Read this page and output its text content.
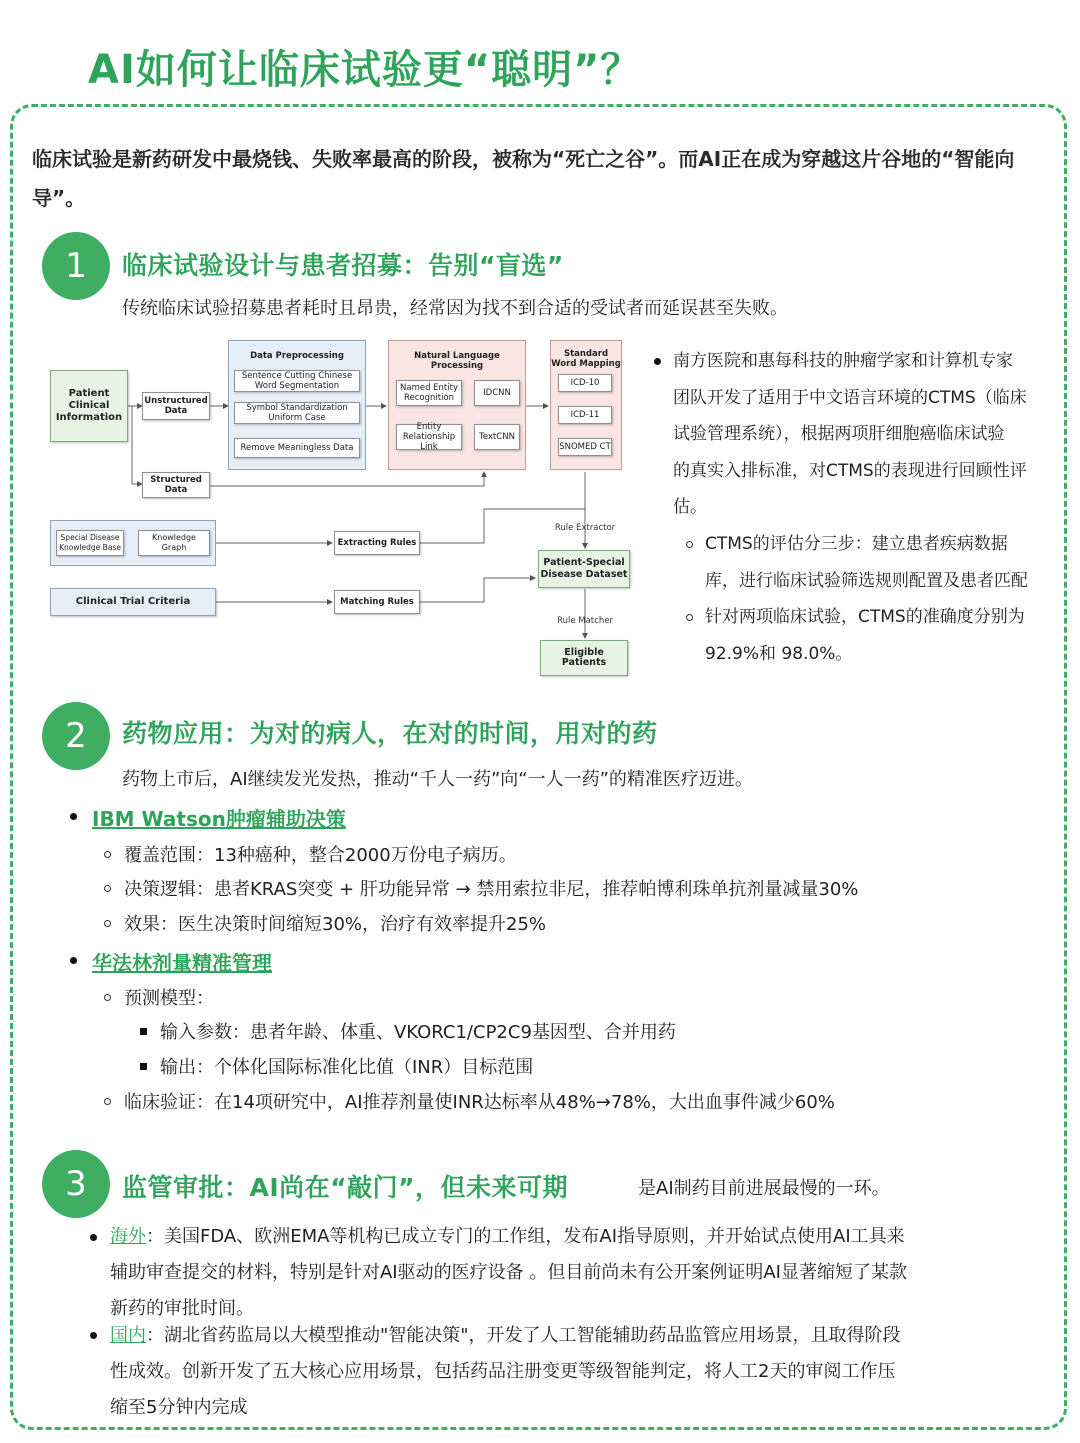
AI如何让临床试验更“聪明”？
临床试验是新药研发中最烧钱、失败率最高的阶段，被称为“死亡之谷”。而AI正在成为穿越这片谷地的“智能向导”。
1	临床试验设计与患者招募：告别“盲选”
传统临床试验招募患者耗时且昂贵，经常因为找不到合适的受试者而延误甚至失败。
Patient Clinical Information
Unstructured Data
Structured Data
Data Preprocessing
Sentence Cutting Chinese Word Segmentation
Symbol Standardization Uniform Case
Remove Meaningless Data
Natural Language Processing
Named Entity Recognition	IDCNN
Entity Relationship Link
TextCNN
Standard Word Mapping
ICD-10
ICD-11
SNOMED CT
Special Disease Knowledge Base
Knowledge Graph	Extracting Rules
Rule Extractor
Patient-Special Disease Dataset
Clinical Trial Criteria	Matching Rules
Rule Matcher
Eligible Patients
南方医院和惠每科技的肿瘤学家和计算机专家
团队开发了适用于中文语言环境的CTMS（临床
试验管理系统），根据两项肝细胞癌临床试验
的真实入排标准，对CTMS的表现进行回顾性评
估。
CTMS的评估分三步：建立患者疾病数据
库，进行临床试验筛选规则配置及患者匹配
针对两项临床试验，CTMS的准确度分别为
92.9%和 98.0%。
2	药物应用：为对的病人，在对的时间，用对的药
药物上市后，AI继续发光发热，推动“千人一药”向“一人一药”的精准医疗迈进。
IBM Watson肿瘤辅助决策
覆盖范围：13种癌种，整合2000万份电子病历。
决策逻辑：患者KRAS突变 + 肝功能异常 → 禁用索拉非尼，推荐帕博利珠单抗剂量减量30%
效果：医生决策时间缩短30%，治疗有效率提升25%
华法林剂量精准管理
预测模型：
输入参数：患者年龄、体重、VKORC1/CP2C9基因型、合并用药
输出：个体化国际标准化比值（INR）目标范围
临床验证：在14项研究中，AI推荐剂量使INR达标率从48%→78%，大出血事件减少60%
3	监管审批：AI尚在“敲门”，但未来可期	是AI制药目前进展最慢的一环。
海外：美国FDA、欧洲EMA等机构已成立专门的工作组，发布AI指导原则，并开始试点使用AI工具来
辅助审查提交的材料，特别是针对AI驱动的医疗设备 。但目前尚未有公开案例证明AI显著缩短了某款
新药的审批时间。
国内：湖北省药监局以大模型推动"智能决策"，开发了人工智能辅助药品监管应用场景，且取得阶段
性成效。创新开发了五大核心应用场景，包括药品注册变更等级智能判定，将人工2天的审阅工作压
缩至5分钟内完成
